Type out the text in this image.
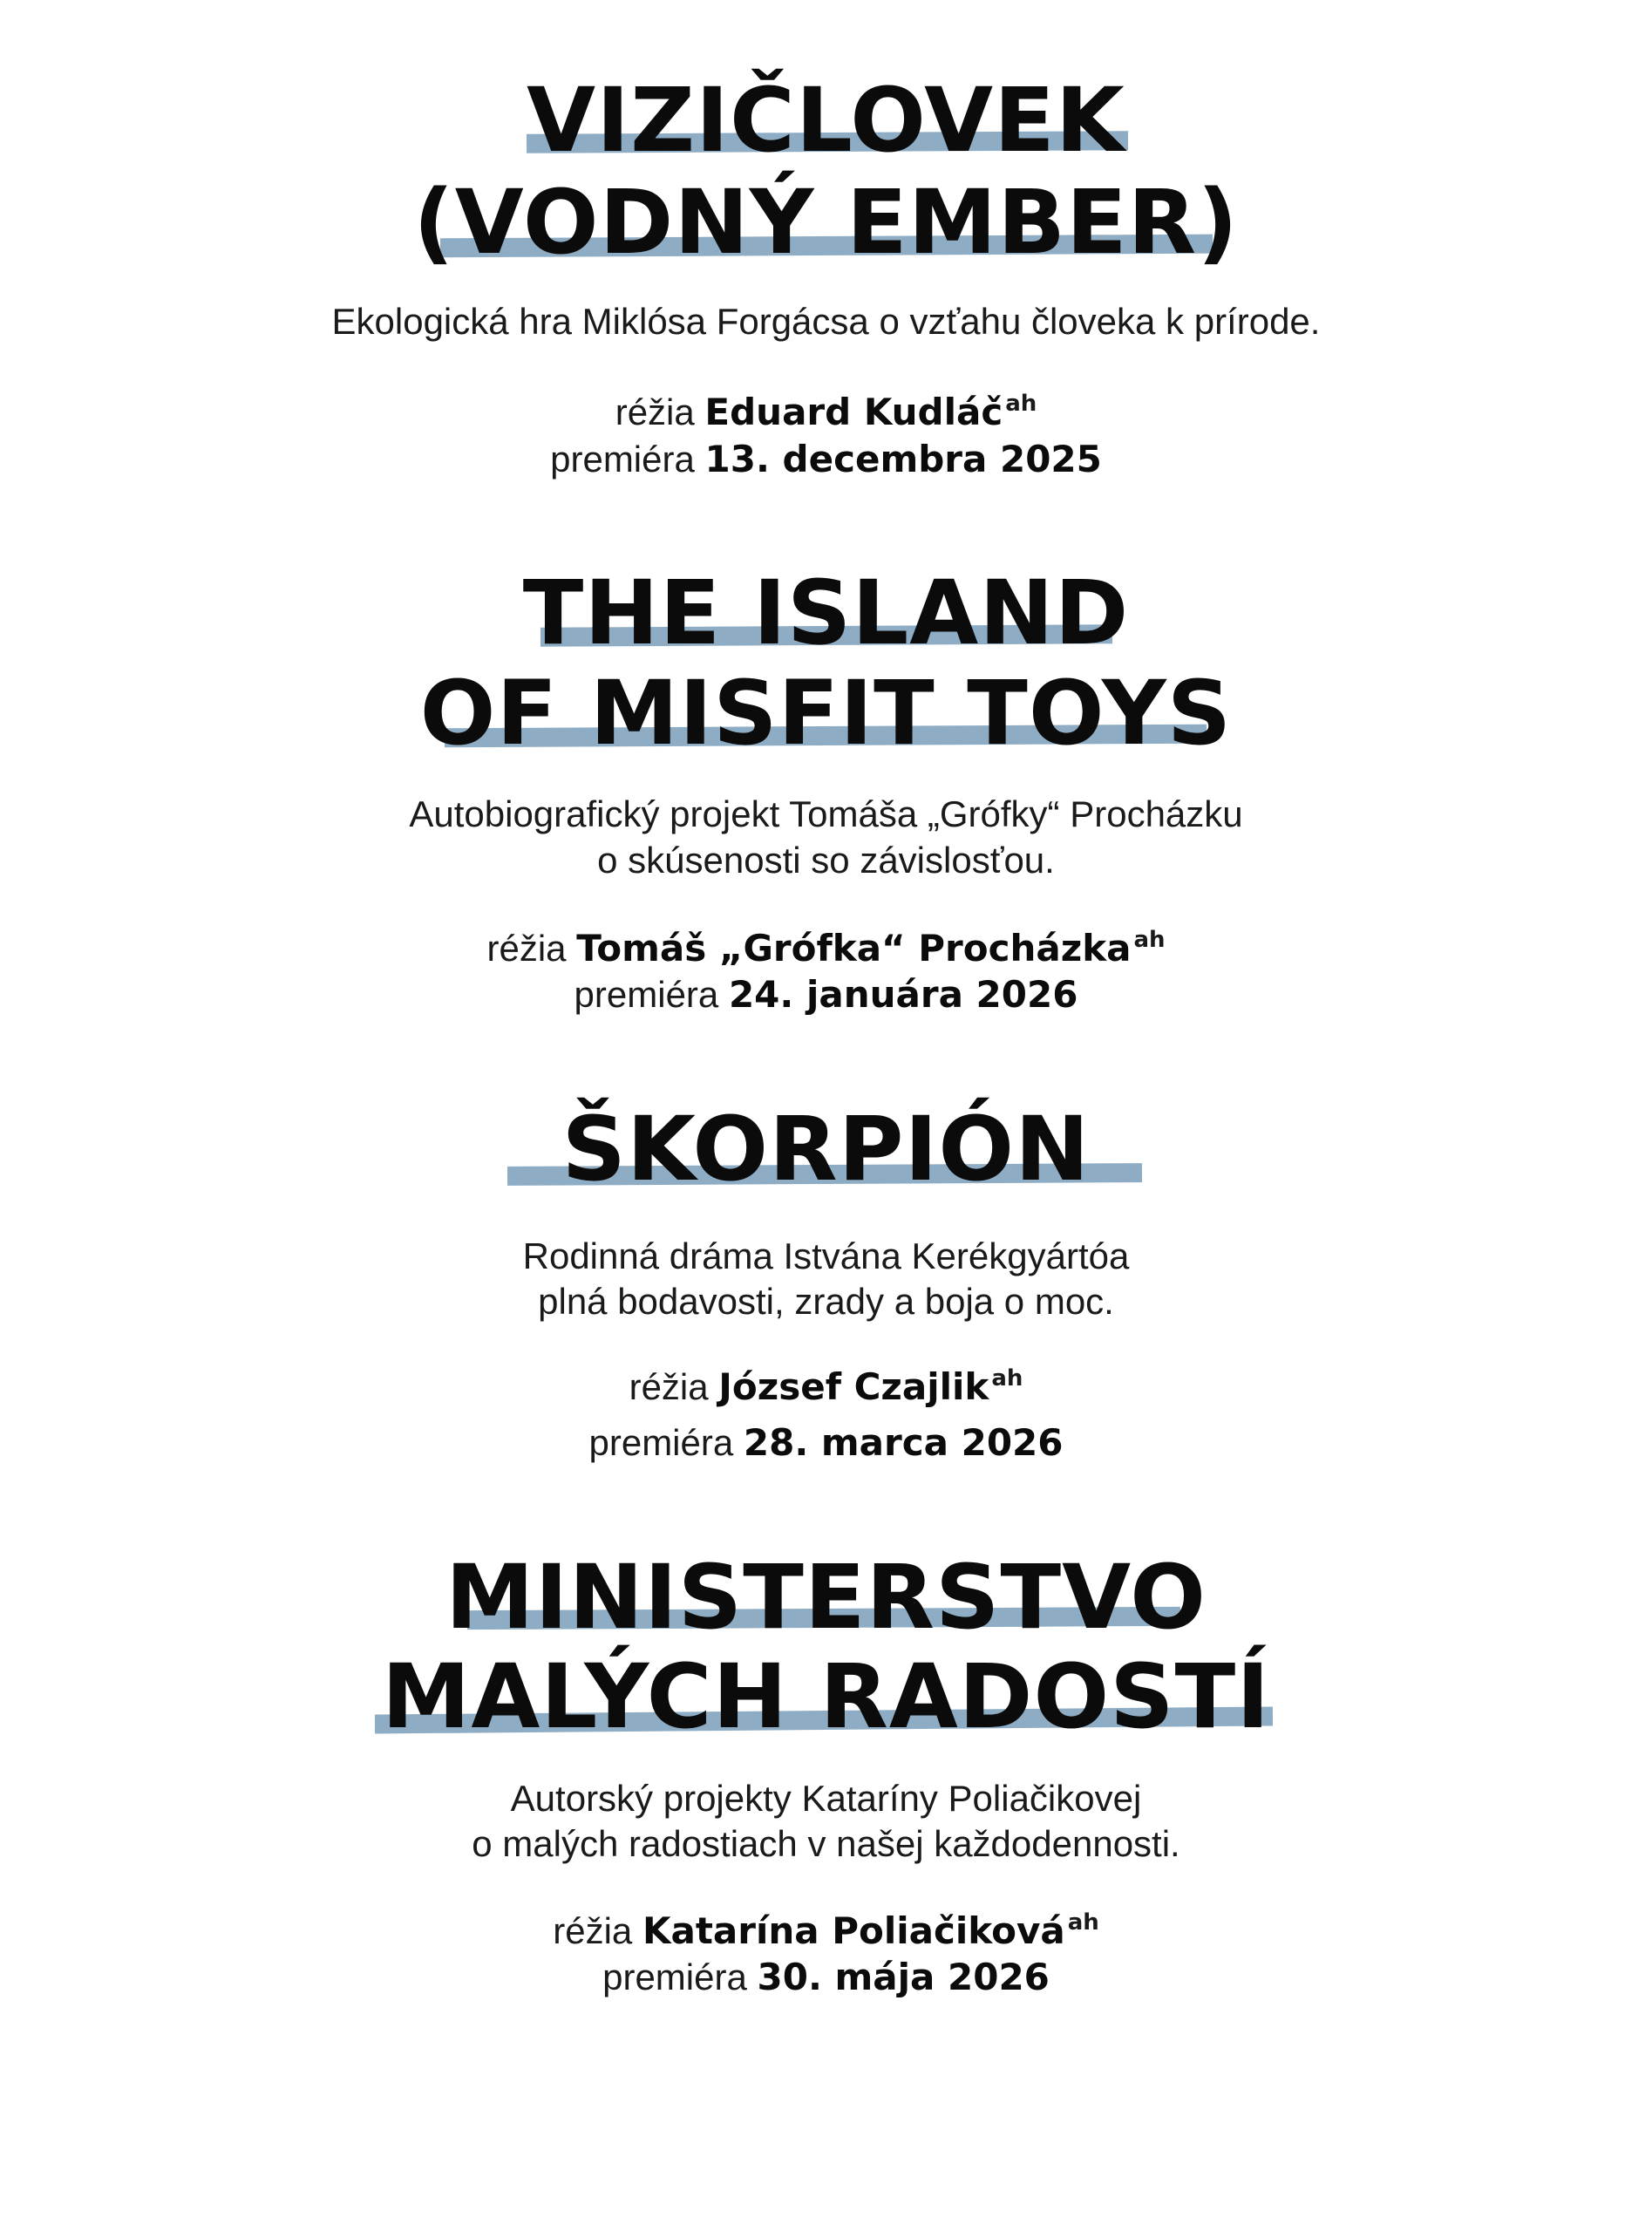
VIZIČLOVEK
(VODNÝ EMBER)
Ekologická hra Miklósa Forgácsa o vzťahu človeka k prírode.
réžia Eduard Kudláč $^{ah}$
premiéra 13. decembra 2025
THE ISLAND
OF MISFIT TOYS
Autobiografický projekt Tomáša „Grófky“ Procházku
o skúsenosti so závislosťou.
réžia Tomáš „Grófka“ Procházka $^{ah}$
premiéra 24. januára 2026
ŠKORPIÓN
Rodinná dráma Istvána Kerékgyártóa
plná bodavosti, zrady a boja o moc.
réžia József Czajlik $^{ah}$
premiéra 28. marca 2026
MINISTERSTVO
MALÝCH RADOSTÍ
Autorský projekty Kataríny Poliačikovej
o malých radostiach v našej každodennosti.
réžia Katarína Poliačiková $^{ah}$
premiéra 30. mája 2026
